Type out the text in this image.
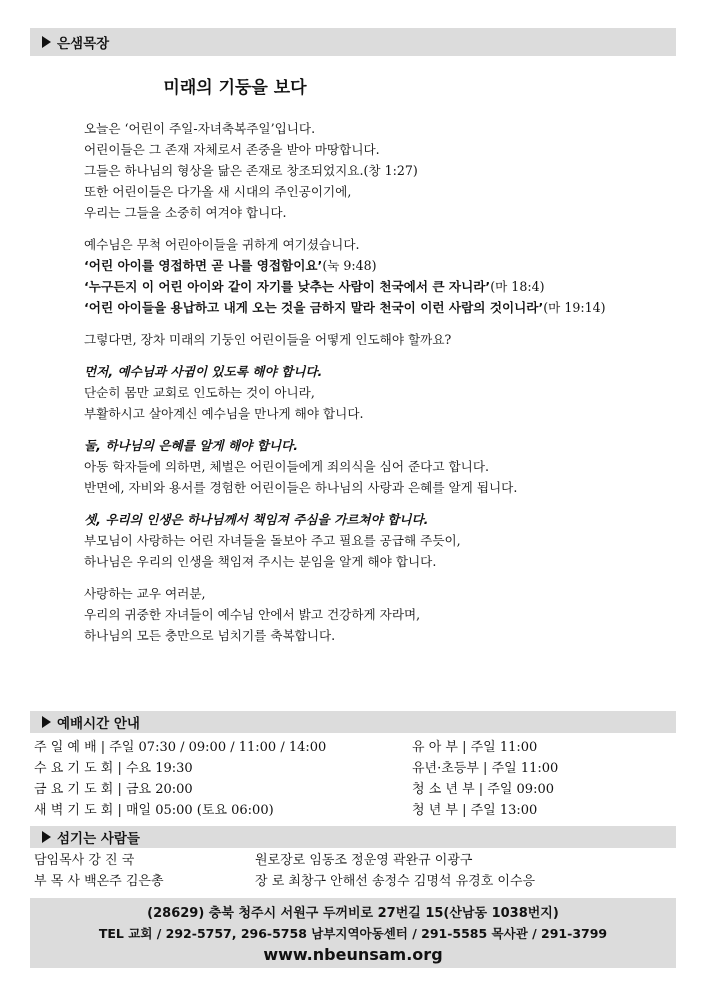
은샘목장
미래의 기둥을 보다
오늘은 ‘어린이 주일-자녀축복주일’입니다.
어린이들은 그 존재 자체로서 존중을 받아 마땅합니다.
그들은 하나님의 형상을 닮은 존재로 창조되었지요.(창 1:27)
또한 어린이들은 다가올 새 시대의 주인공이기에,
우리는 그들을 소중히 여겨야 합니다.
예수님은 무척 어린아이들을 귀하게 여기셨습니다.
‘어린 아이를 영접하면 곧 나를 영접함이요’(눅 9:48)
‘누구든지 이 어린 아이와 같이 자기를 낮추는 사람이 천국에서 큰 자니라’(마 18:4)
‘어린 아이들을 용납하고 내게 오는 것을 금하지 말라 천국이 이런 사람의 것이니라’(마 19:14)
그렇다면, 장차 미래의 기둥인 어린이들을 어떻게 인도해야 할까요?
먼저, 예수님과 사귐이 있도록 해야 합니다.
단순히 몸만 교회로 인도하는 것이 아니라,
부활하시고 살아계신 예수님을 만나게 해야 합니다.
둘, 하나님의 은혜를 알게 해야 합니다.
아동 학자들에 의하면, 체벌은 어린이들에게 죄의식을 심어 준다고 합니다.
반면에, 자비와 용서를 경험한 어린이들은 하나님의 사랑과 은혜를 알게 됩니다.
셋, 우리의 인생은 하나님께서 책임져 주심을 가르쳐야 합니다.
부모님이 사랑하는 어린 자녀들을 돌보아 주고 필요를 공급해 주듯이,
하나님은 우리의 인생을 책임져 주시는 분임을 알게 해야 합니다.
사랑하는 교우 여러분,
우리의 귀중한 자녀들이 예수님 안에서 밝고 건강하게 자라며,
하나님의 모든 충만으로 넘치기를 축복합니다.
예배시간 안내
주 일 예 배 | 주일 07:30 / 09:00 / 11:00 / 14:00	유 아 부 | 주일 11:00
수 요 기 도 회 | 수요 19:30	유년·초등부 | 주일 11:00
금 요 기 도 회 | 금요 20:00	청 소 년 부 | 주일 09:00
새 벽 기 도 회 | 매일 05:00 (토요 06:00)	청 년 부 | 주일 13:00
섬기는 사람들
담임목사 강 진 국	원로장로 임동조 정운영 곽완규 이광구
부 목 사 백온주 김은총	장 로 최창구 안해선 송정수 김명석 유경호 이수응
(28629) 충북 청주시 서원구 두꺼비로 27번길 15(산남동 1038번지)
TEL 교회 / 292-5757, 296-5758 남부지역아동센터 / 291-5585 목사관 / 291-3799
www.nbeunsam.org
